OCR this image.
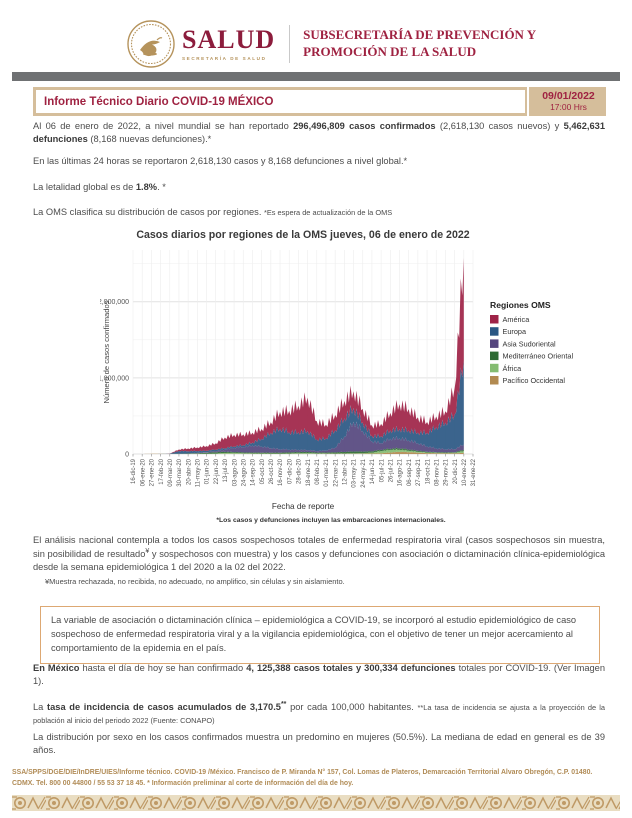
SALUD
SECRETARÍA DE SALUD
SUBSECRETARÍA DE PREVENCIÓN Y
PROMOCIÓN DE LA SALUD
Informe Técnico Diario COVID-19 MÉXICO	09/01/2022
17:00 Hrs

Al 06 de enero de 2022, a nivel mundial se han reportado 296,496,809 casos confirmados (2,618,130 casos nuevos) y 5,462,631 defunciones (8,168 nuevas defunciones).*

En las últimas 24 horas se reportaron 2,618,130 casos y 8,168 defunciones a nivel global.*

La letalidad global es de 1.8%. *

La OMS clasifica su distribución de casos por regiones. *Es espera de actualización de la OMS

0
1,000,000
2,000,000
Número de casos confirmados
16-dic-19 06-ene-20 27-ene-20 17-feb-20 09-mar-20 30-mar-20 20-abr-20 11-may-20 01-jun-20 22-jun-20 13-jul-20 03-ago-20 24-ago-20 14-sep-20 05-oct-20 26-oct-20 16-nov-20 07-dic-20 28-dic-20 18-ene-21 08-feb-21 01-mar-21 22-mar-21 12-abr-21 03-may-21 24-may-21 14-jun-21 05-jul-21 26-jul-21 16-ago-21 06-sep-21 27-sep-21 18-oct-21 08-nov-21 29-nov-21 20-dic-21 10-ene-22 31-ene-22
Fecha de reporte
*Los casos y defunciones incluyen las embarcaciones internacionales.
Casos diarios por regiones de la OMS jueves, 06 de enero de 2022
Regiones OMS
América
Europa
Asia Sudoriental
Mediterráneo Oriental
África
Pacífico Occidental

El análisis nacional contempla a todos los casos sospechosos totales de enfermedad respiratoria viral (casos sospechosos sin muestra, sin posibilidad de resultado¥ y sospechosos con muestra) y los casos y defunciones con asociación o dictaminación clínica-epidemiológica desde la semana epidemiológica 1 del 2020 a la 02 del 2022.

¥Muestra rechazada, no recibida, no adecuado, no amplifico, sin células y sin aislamiento.
La variable de asociación o dictaminación clínica – epidemiológica a COVID-19, se incorporó al estudio epidemiológico de caso sospechoso de enfermedad respiratoria viral y a la vigilancia epidemiológica, con el objetivo de tener un mejor acercamiento al comportamiento de la epidemia en el país.

En México hasta el día de hoy se han confirmado 4, 125,388 casos totales y 300,334 defunciones totales por COVID-19. (Ver Imagen 1).

La tasa de incidencia de casos acumulados de 3,170.5** por cada 100,000 habitantes. **La tasa de incidencia se ajusta a la proyección de la población al inicio del periodo 2022 (Fuente: CONAPO)

La distribución por sexo en los casos confirmados muestra un predomino en mujeres (50.5%). La mediana de edad en general es de 39 años.

SSA/SPPS/DGE/DIE/InDRE/UIES/Informe técnico. COVID-19 /México. Francisco de P. Miranda N° 157, Col. Lomas de Plateros, Demarcación Territorial Alvaro Obregón, C.P. 01480. CDMX. Tel. 800 00 44800 / 55 53 37 18 45. * Información preliminar al corte de información del día de hoy.
